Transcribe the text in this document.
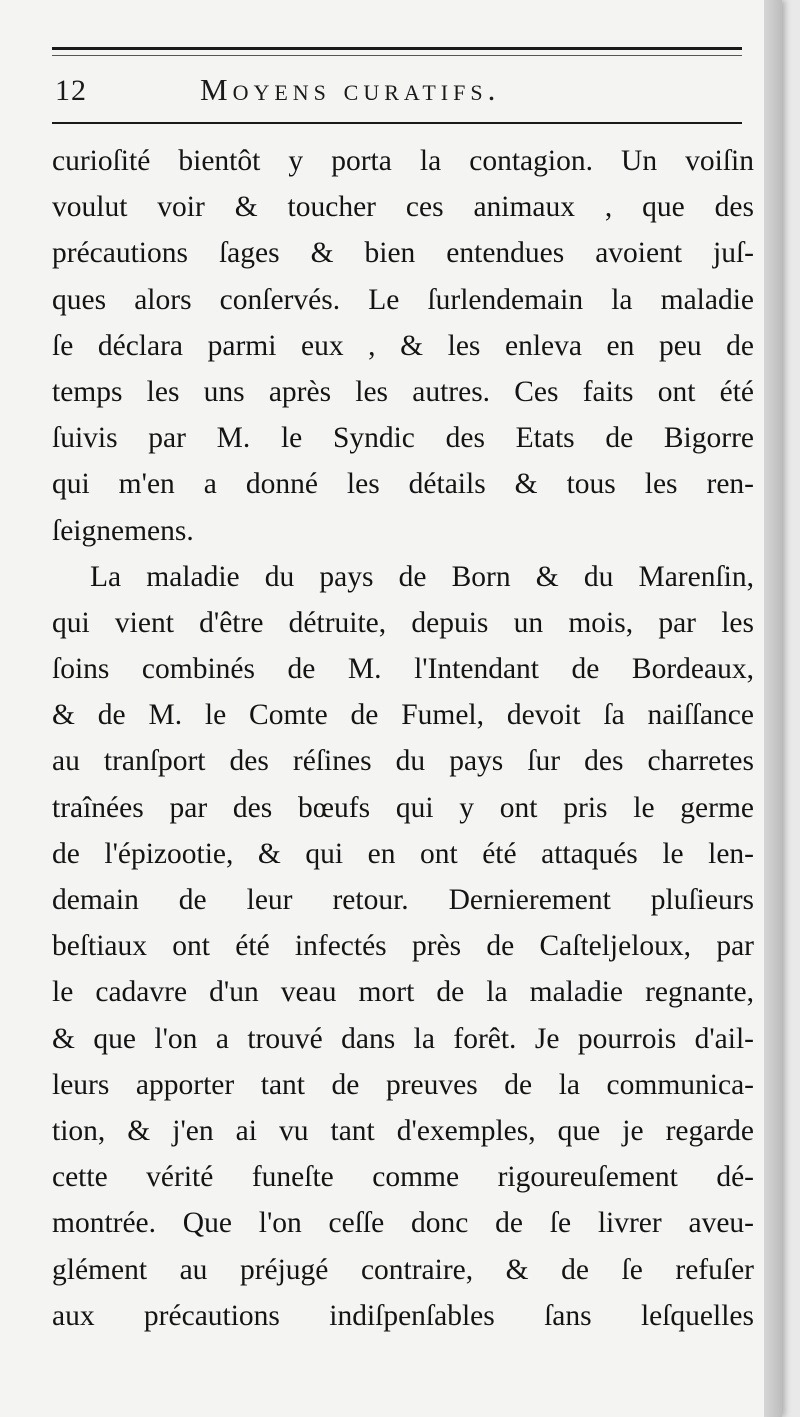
12	Moyens curatifs.
curioſité bientôt y porta la contagion. Un voiſin
voulut voir & toucher ces animaux , que des
précautions ſages & bien entendues avoient juſ-
ques alors conſervés. Le ſurlendemain la maladie
ſe déclara parmi eux , & les enleva en peu de
temps les uns après les autres. Ces faits ont été
ſuivis par M. le Syndic des Etats de Bigorre
qui m'en a donné les détails & tous les ren-
ſeignemens.
La maladie du pays de Born & du Marenſin,
qui vient d'être détruite, depuis un mois, par les
ſoins combinés de M. l'Intendant de Bordeaux,
& de M. le Comte de Fumel, devoit ſa naiſſance
au tranſport des réſines du pays ſur des charretes
traînées par des bœufs qui y ont pris le germe
de l'épizootie, & qui en ont été attaqués le len-
demain de leur retour. Dernierement pluſieurs
beſtiaux ont été infectés près de Caſteljeloux, par
le cadavre d'un veau mort de la maladie regnante,
& que l'on a trouvé dans la forêt. Je pourrois d'ail-
leurs apporter tant de preuves de la communica-
tion, & j'en ai vu tant d'exemples, que je regarde
cette vérité funeſte comme rigoureuſement dé-
montrée. Que l'on ceſſe donc de ſe livrer aveu-
glément au préjugé contraire, & de ſe refuſer
aux précautions indiſpenſables ſans leſquelles
